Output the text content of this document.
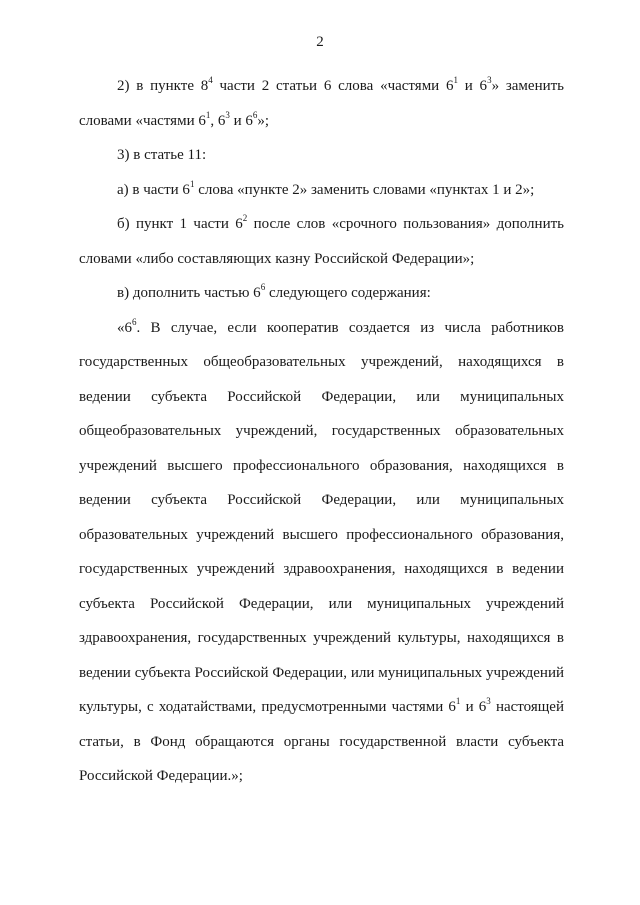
2

2) в пункте $8^4$ части 2 статьи 6 слова «частями $6^1$ и $6^3$» заменить словами «частями $6^1$, $6^3$ и $6^6$»;

3) в статье 11:

а) в части $6^1$ слова «пункте 2» заменить словами «пунктах 1 и 2»;

б) пункт 1 части $6^2$ после слов «срочного пользования» дополнить словами «либо составляющих казну Российской Федерации»;

в) дополнить частью $6^6$ следующего содержания:

«$6^6$. В случае, если кооператив создается из числа работников государственных общеобразовательных учреждений, находящихся в ведении субъекта Российской Федерации, или муниципальных общеобразовательных учреждений, государственных образовательных учреждений высшего профессионального образования, находящихся в ведении субъекта Российской Федерации, или муниципальных образовательных учреждений высшего профессионального образования, государственных учреждений здравоохранения, находящихся в ведении субъекта Российской Федерации, или муниципальных учреждений здравоохранения, государственных учреждений культуры, находящихся в ведении субъекта Российской Федерации, или муниципальных учреждений культуры, с ходатайствами, предусмотренными частями $6^1$ и $6^3$ настоящей статьи, в Фонд обращаются органы государственной власти субъекта Российской Федерации.»;
